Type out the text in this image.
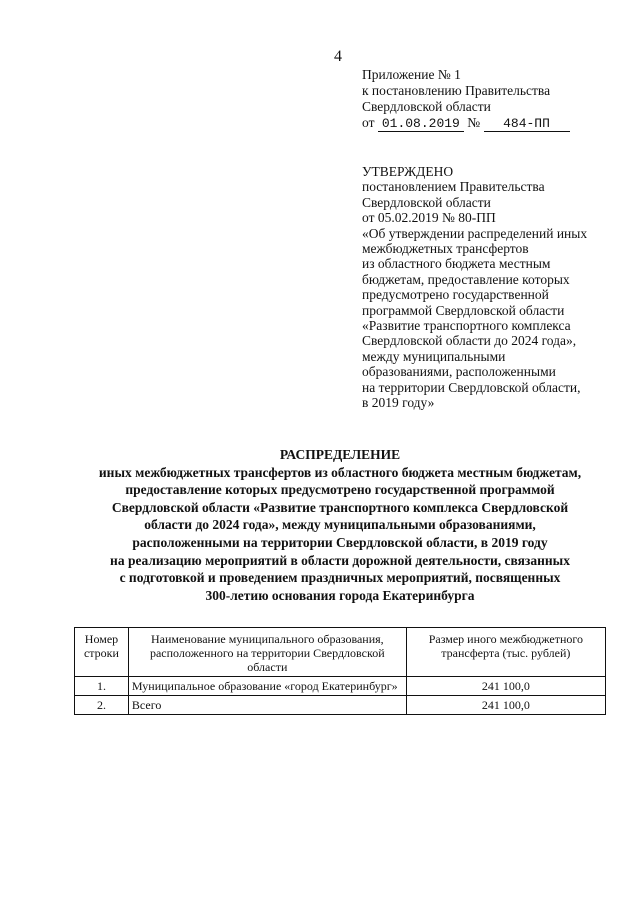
4
Приложение № 1
к постановлению Правительства
Свердловской области
от 01.08.2019 № 484-ПП
УТВЕРЖДЕНО
постановлением Правительства
Свердловской области
от 05.02.2019 № 80-ПП
«Об утверждении распределений иных
межбюджетных трансфертов
из областного бюджета местным
бюджетам, предоставление которых
предусмотрено государственной
программой Свердловской области
«Развитие транспортного комплекса
Свердловской области до 2024 года»,
между муниципальными
образованиями, расположенными
на территории Свердловской области,
в 2019 году»
РАСПРЕДЕЛЕНИЕ
иных межбюджетных трансфертов из областного бюджета местным бюджетам,
предоставление которых предусмотрено государственной программой
Свердловской области «Развитие транспортного комплекса Свердловской
области до 2024 года», между муниципальными образованиями,
расположенными на территории Свердловской области, в 2019 году
на реализацию мероприятий в области дорожной деятельности, связанных
с подготовкой и проведением праздничных мероприятий, посвященных
300-летию основания города Екатеринбурга
Номер строки	Наименование муниципального образования, расположенного на территории Свердловской области	Размер иного межбюджетного трансферта (тыс. рублей)
1.	Муниципальное образование «город Екатеринбург»	241 100,0
2.	Всего	241 100,0
